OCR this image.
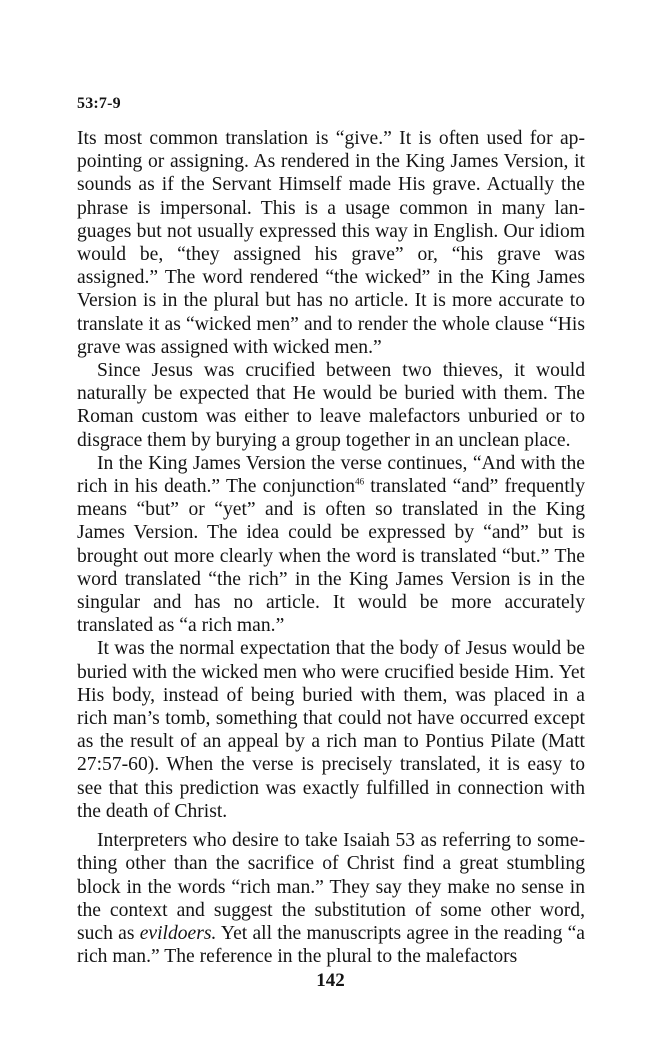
53:7-9

Its most common translation is “give.” It is often used for appointing or assigning. As rendered in the King James Version, it sounds as if the Servant Himself made His grave. Actually the phrase is impersonal. This is a usage common in many languages but not usually expressed this way in English. Our idiom would be, “they assigned his grave” or, “his grave was assigned.” The word rendered “the wicked” in the King James Version is in the plural but has no article. It is more accurate to translate it as “wicked men” and to render the whole clause “His grave was assigned with wicked men.”

Since Jesus was crucified between two thieves, it would naturally be expected that He would be buried with them. The Roman custom was either to leave malefactors unburied or to disgrace them by burying a group together in an unclean place.

In the King James Version the verse continues, “And with the rich in his death.” The conjunction$^{46}$ translated “and” frequently means “but” or “yet” and is often so translated in the King James Version. The idea could be expressed by “and” but is brought out more clearly when the word is translated “but.” The word translated “the rich” in the King James Version is in the singular and has no article. It would be more accurately translated as “a rich man.”

It was the normal expectation that the body of Jesus would be buried with the wicked men who were crucified beside Him. Yet His body, instead of being buried with them, was placed in a rich man’s tomb, something that could not have occurred except as the result of an appeal by a rich man to Pontius Pilate (Matt 27:57-60). When the verse is precisely translated, it is easy to see that this prediction was exactly fulfilled in connection with the death of Christ.

Interpreters who desire to take Isaiah 53 as referring to something other than the sacrifice of Christ find a great stumbling block in the words “rich man.” They say they make no sense in the context and suggest the substitution of some other word, such as evildoers. Yet all the manuscripts agree in the reading “a rich man.” The reference in the plural to the malefactors

142
